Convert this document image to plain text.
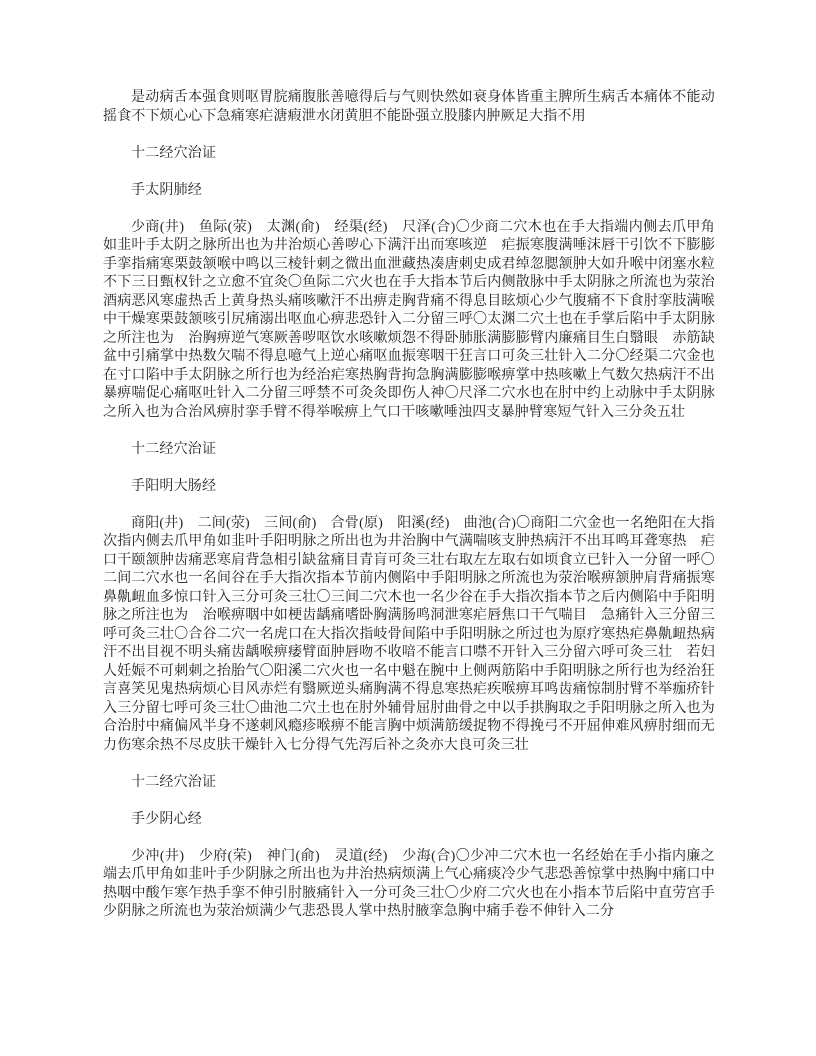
是动病舌本强食则呕胃脘痛腹胀善噫得后与气则快然如衰身体皆重主脾所生病舌本痛体不能动摇食不下烦心心下急痛寒疟溏瘕泄水闭黄胆不能卧强立股膝内肿厥足大指不用

十二经穴治证

手太阴肺经

少商(井)　鱼际(荥)　太渊(俞)　经渠(经)　尺泽(合)〇少商二穴木也在手大指端内侧去爪甲角如韭叶手太阴之脉所出也为井治烦心善哕心下满汗出而寒咳逆　疟振寒腹满唾沫唇干引饮不下膨膨手挛指痛寒栗鼓颔喉中鸣以三棱针刺之微出血泄藏热凑唐刺史成君绰忽腮颔肿大如升喉中闭塞水粒不下三日甄权针之立愈不宜灸〇鱼际二穴火也在手大指本节后内侧散脉中手太阴脉之所流也为荥治酒病恶风寒虚热舌上黄身热头痛咳嗽汗不出痹走胸背痛不得息目眩烦心少气腹痛不下食肘挛肢满喉中干燥寒栗鼓颔咳引尻痛溺出呕血心痹悲恐针入二分留三呼〇太渊二穴土也在手掌后陷中手太阴脉之所注也为　治胸痹逆气寒厥善哕呕饮水咳嗽烦怨不得卧肺胀满膨膨臂内廉痛目生白翳眼　赤筋缺盆中引痛掌中热数欠喘不得息噫气上逆心痛呕血振寒咽干狂言口可灸三壮针入二分〇经渠二穴金也在寸口陷中手太阴脉之所行也为经治疟寒热胸背拘急胸满膨膨喉痹掌中热咳嗽上气数欠热病汗不出暴痹喘促心痛呕吐针入二分留三呼禁不可灸灸即伤人神〇尺泽二穴水也在肘中约上动脉中手太阴脉之所入也为合治风痹肘挛手臂不得举喉痹上气口干咳嗽唾浊四支暴肿臂寒短气针入三分灸五壮

十二经穴治证

手阳明大肠经

商阳(井)　二间(荥)　三间(俞)　合骨(原)　阳溪(经)　曲池(合)〇商阳二穴金也一名绝阳在大指次指内侧去爪甲角如韭叶手阳明脉之所出也为井治胸中气满喘咳支肿热病汗不出耳鸣耳聋寒热　疟口干颐颔肿齿痛恶寒肩背急相引缺盆痛目青肓可灸三壮右取左左取右如顷食立已针入一分留一呼〇二间二穴水也一名间谷在手大指次指本节前内侧陷中手阳明脉之所流也为荥治喉痹颔肿肩背痛振寒鼻鼽衄血多惊口针入三分可灸三壮〇三间二穴木也一名少谷在手大指次指本节之后内侧陷中手阳明脉之所注也为　治喉痹咽中如梗齿龋痛嗜卧胸满肠鸣洞泄寒疟唇焦口干气喘目　急痛针入三分留三呼可灸三壮〇合谷二穴一名虎口在大指次指岐骨间陷中手阳明脉之所过也为原疗寒热疟鼻鼽衄热病汗不出目视不明头痛齿龋喉痹痿臂面肿唇吻不收喑不能言口噤不开针入三分留六呼可灸三壮　若妇人妊娠不可刺刺之抬胎气〇阳溪二穴火也一名中魁在腕中上侧两筋陷中手阳明脉之所行也为经治狂言喜笑见鬼热病烦心目风赤烂有翳厥逆头痛胸满不得息寒热疟疾喉痹耳鸣齿痛惊制肘臂不举痂疥针入三分留七呼可灸三壮〇曲池二穴土也在肘外辅骨屈肘曲骨之中以手拱胸取之手阳明脉之所入也为合治肘中痛偏风半身不遂刺风瘾疹喉痹不能言胸中烦满筋缓捉物不得挽弓不开屈伸难风痹肘细而无力伤寒余热不尽皮肤干燥针入七分得气先泻后补之灸亦大良可灸三壮

十二经穴治证

手少阴心经

少冲(井)　少府(荣)　神门(俞)　灵道(经)　少海(合)〇少冲二穴木也一名经始在手小指内廉之端去爪甲角如韭叶手少阴脉之所出也为井治热病烦满上气心痛痰冷少气悲恐善惊掌中热胸中痛口中热咽中酸乍寒乍热手挛不伸引肘腋痛针入一分可灸三壮〇少府二穴火也在小指本节后陷中直劳宫手少阴脉之所流也为荥治烦满少气悲恐畏人掌中热肘腋挛急胸中痛手卷不伸针入二分
